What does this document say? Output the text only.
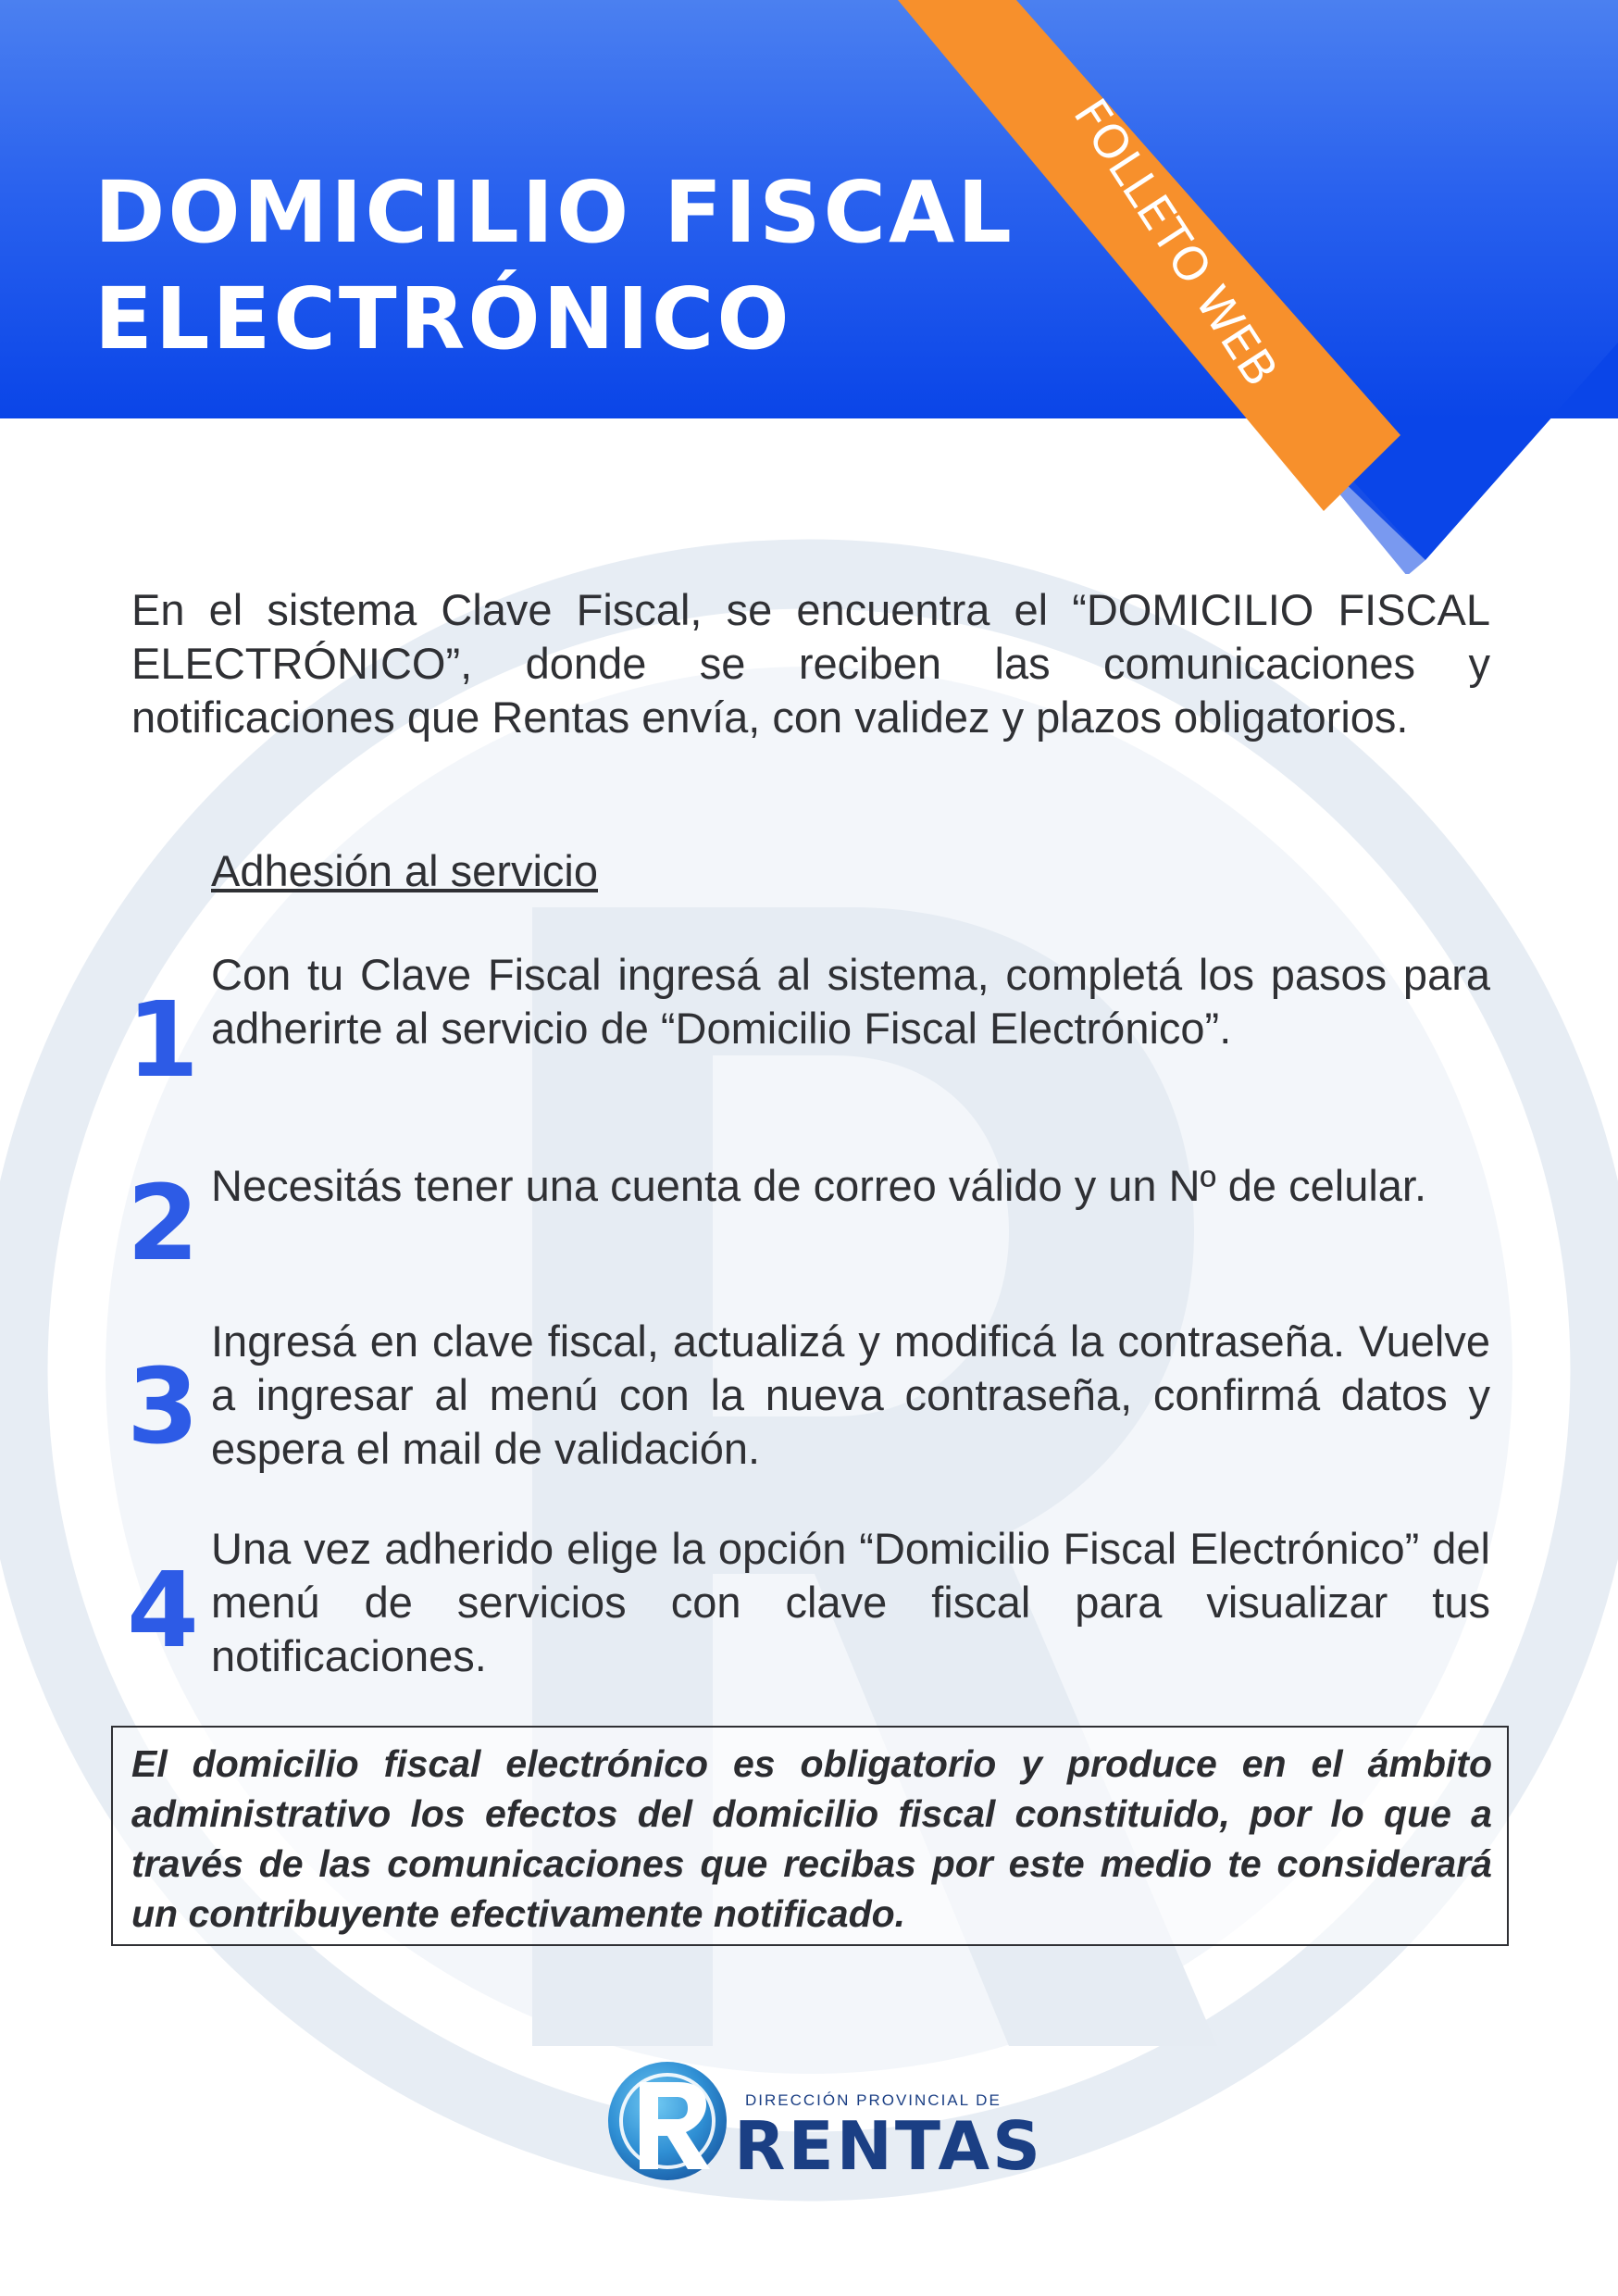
DOMICILIO FISCAL
ELECTRÓNICO	FOLLETO WEB

En el sistema Clave Fiscal, se encuentra el “DOMICILIO FISCAL ELECTRÓNICO”, donde se reciben las comunicaciones y notificaciones que Rentas envía, con validez y plazos obligatorios.

Adhesión al servicio
1

Con tu Clave Fiscal ingresá al sistema, completá los pasos para adherirte al servicio de “Domicilio Fiscal Electrónico”.

2 Necesitás tener una cuenta de correo válido y un Nº de celular.

3

Ingresá en clave fiscal, actualizá y modificá la contraseña. Vuelve a ingresar al menú con la nueva contraseña, confirmá datos y espera el mail de validación.

4

Una vez adherido elige la opción “Domicilio Fiscal Electrónico” del menú de servicios con clave fiscal para visualizar tus notificaciones.

El domicilio fiscal electrónico es obligatorio y produce en el ámbito administrativo los efectos del domicilio fiscal constituido, por lo que a través de las comunicaciones que recibas por este medio te considerará un contribuyente efectivamente notificado.

DIRECCIÓN PROVINCIAL DE
RENTAS
